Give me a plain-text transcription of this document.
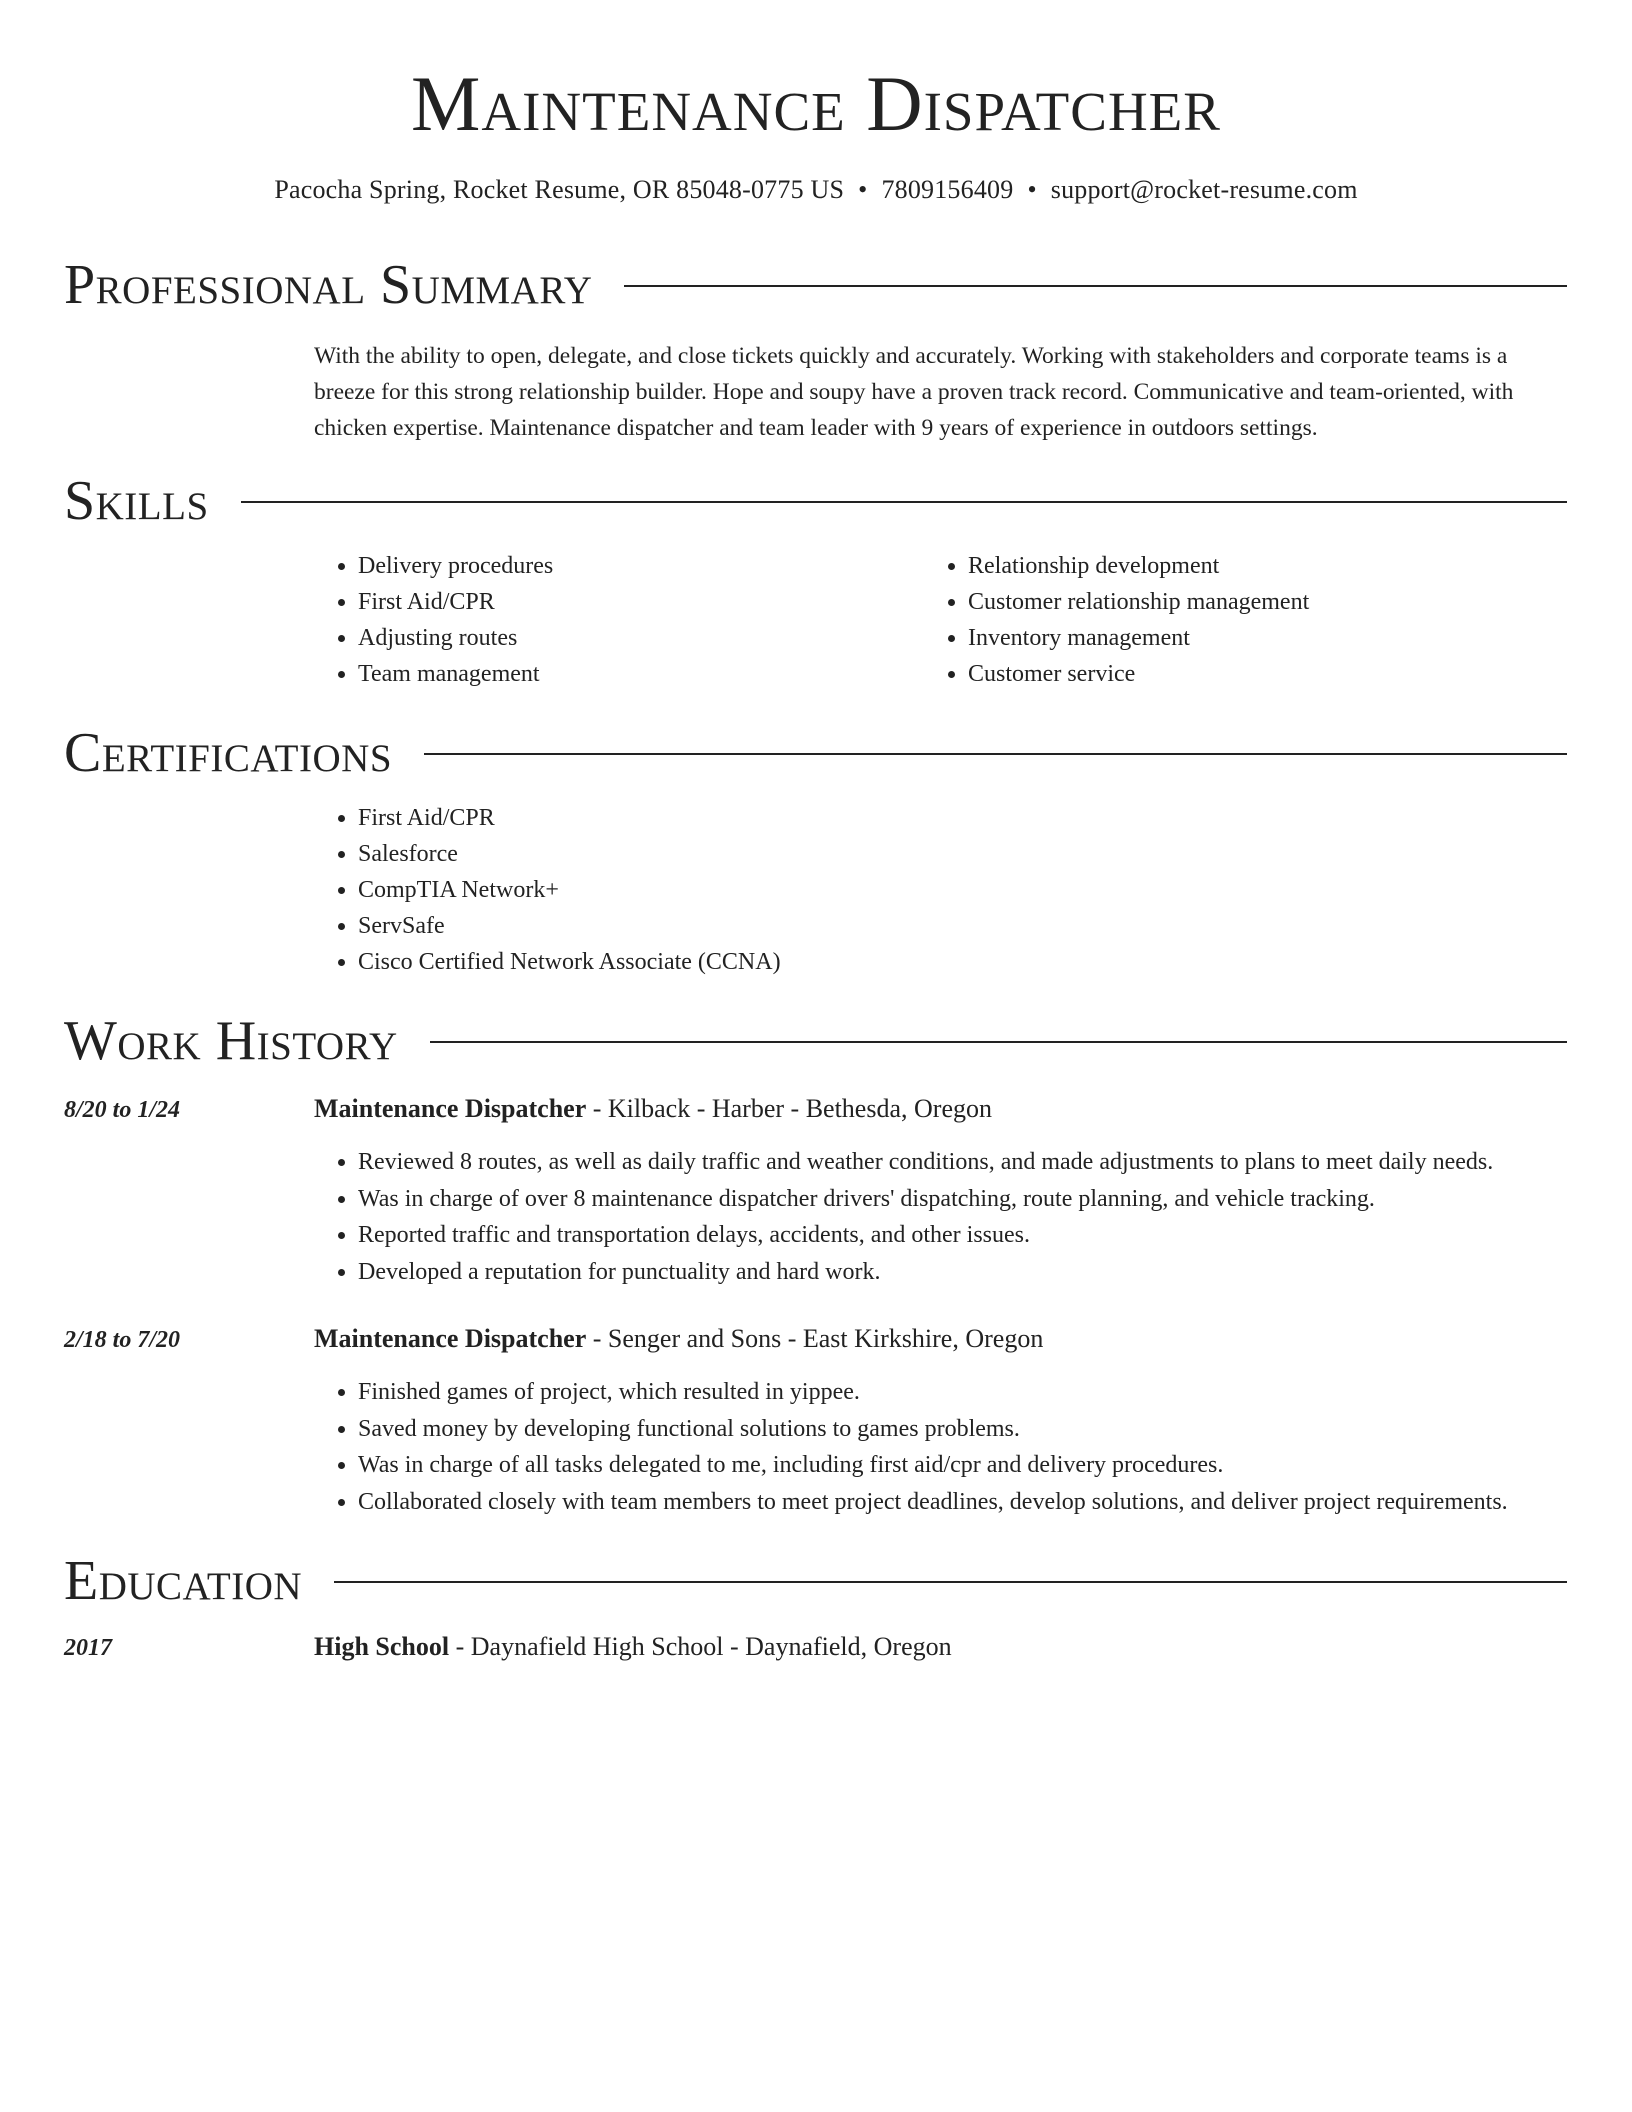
Maintenance Dispatcher
Pacocha Spring, Rocket Resume, OR 85048-0775 US • 7809156409 • support@rocket-resume.com
Professional Summary

With the ability to open, delegate, and close tickets quickly and accurately. Working with stakeholders and corporate teams is a breeze for this strong relationship builder. Hope and soupy have a proven track record. Communicative and team-oriented, with chicken expertise. Maintenance dispatcher and team leader with 9 years of experience in outdoors settings.

Skills
• Delivery procedures
• First Aid/CPR
• Adjusting routes
• Team management
• Relationship development
• Customer relationship management
• Inventory management
• Customer service
Certifications
• First Aid/CPR
• Salesforce
• CompTIA Network+
• ServSafe
• Cisco Certified Network Associate (CCNA)
Work History
8/20 to 1/24	Maintenance Dispatcher - Kilback - Harber - Bethesda, Oregon
• Reviewed 8 routes, as well as daily traffic and weather conditions, and made adjustments to plans to meet daily needs.
• Was in charge of over 8 maintenance dispatcher drivers' dispatching, route planning, and vehicle tracking.
• Reported traffic and transportation delays, accidents, and other issues.
• Developed a reputation for punctuality and hard work.
2/18 to 7/20	Maintenance Dispatcher - Senger and Sons - East Kirkshire, Oregon
• Finished games of project, which resulted in yippee.
• Saved money by developing functional solutions to games problems.
• Was in charge of all tasks delegated to me, including first aid/cpr and delivery procedures.
• Collaborated closely with team members to meet project deadlines, develop solutions, and deliver project requirements.
Education
2017	High School - Daynafield High School - Daynafield, Oregon
